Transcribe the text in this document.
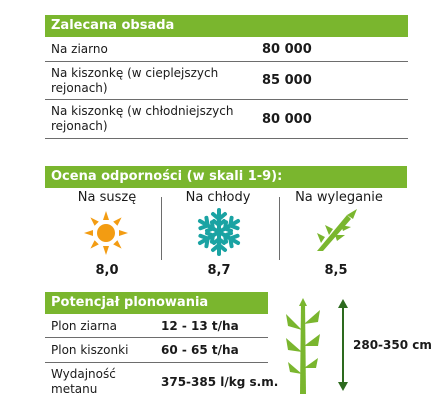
Zalecana obsada
Na ziarno	80 000
Na kiszonkę (w cieplejszych rejonach)	85 000
Na kiszonkę (w chłodniejszych rejonach)	80 000
Ocena odporności (w skali 1-9):
Na suszę	Na chłody	Na wyleganie
8,0	8,7	8,5
Potencjał plonowania
Plon ziarna	12 - 13 t/ha
Plon kiszonki	60 - 65 t/ha
Wydajność metanu	375-385 l/kg s.m.
280-350 cm
